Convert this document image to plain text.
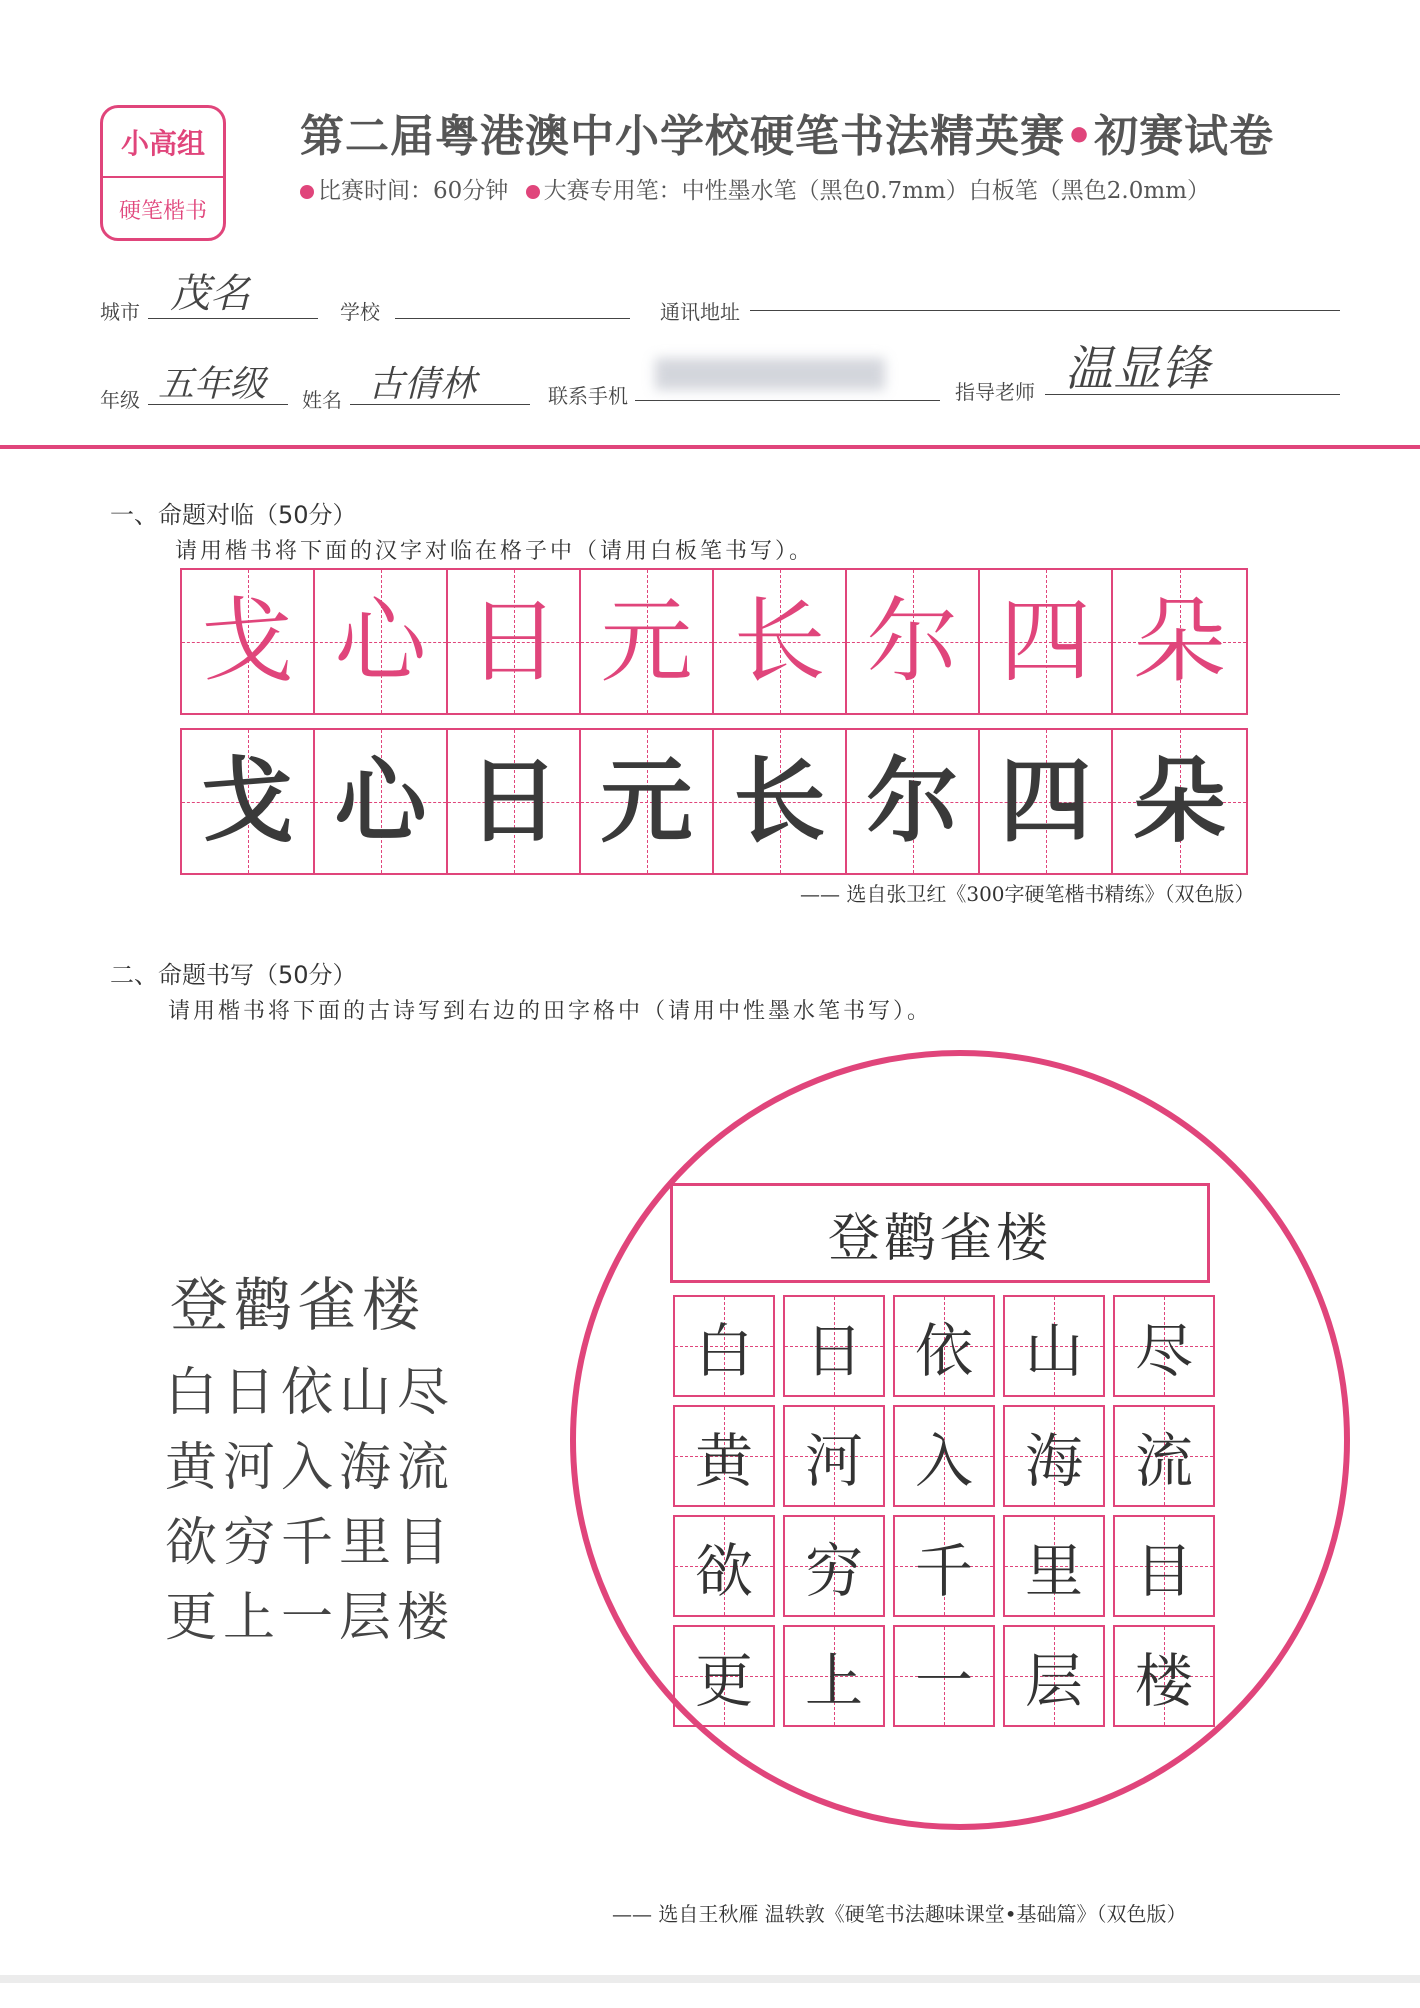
小高组
硬笔楷书
第二届粤港澳中小学校硬笔书法精英赛•初赛试卷
比赛时间：60分钟 大赛专用笔：中性墨水笔（黑色0.7mm）白板笔（黑色2.0mm）
城市 茂名	学校	通讯地址
年级 五年级 姓名 古倩林	联系手机	指导老师 温显锋
一、命题对临（50分）
请用楷书将下面的汉字对临在格子中（请用白板笔书写）。
戈 心 日 元 长 尔 四 朵
戈 心 日 元 长 尔 四 朵
—— 选自张卫红《300字硬笔楷书精练》（双色版）
二、命题书写（50分）
请用楷书将下面的古诗写到右边的田字格中（请用中性墨水笔书写）。
登鹳雀楼
白日依山尽
黄河入海流
欲穷千里目
更上一层楼
登鹳雀楼
白 日 依 山 尽
黄 河 入 海 流
欲 穷 千 里 目
更 上 一 层 楼
—— 选自王秋雁 温轶敦《硬笔书法趣味课堂•基础篇》（双色版）
